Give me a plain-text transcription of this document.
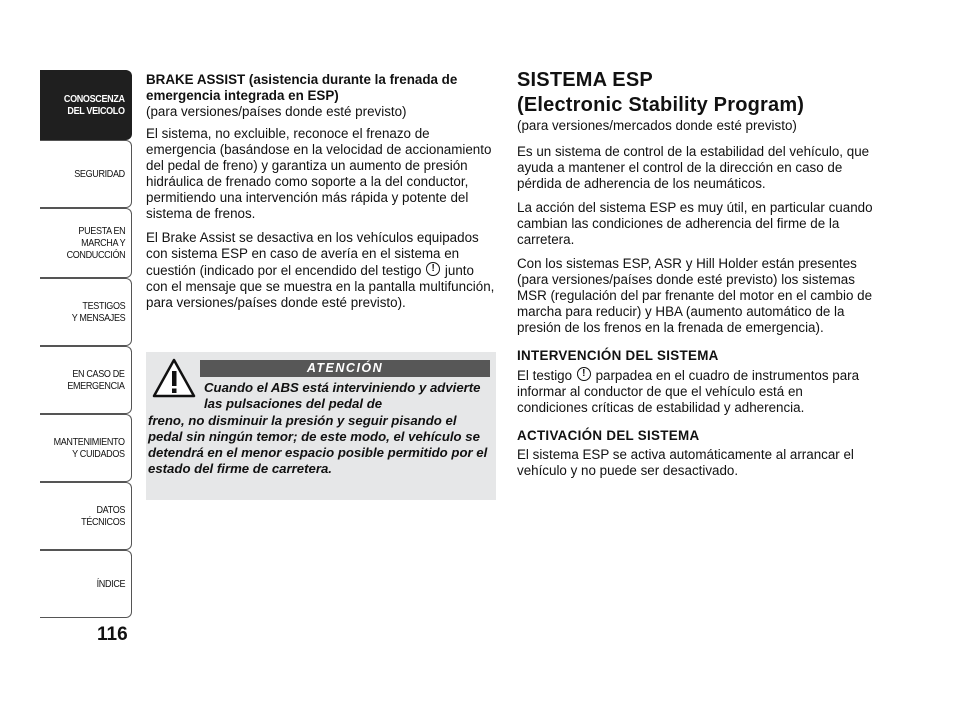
CONOSCENZA
DEL VEICOLO
SEGURIDAD
PUESTA EN
MARCHA Y
CONDUCCIÓN
TESTIGOS
Y MENSAJES
EN CASO DE
EMERGENCIA
MANTENIMIENTO
Y CUIDADOS
DATOS
TÉCNICOS
ÍNDICE
116

BRAKE ASSIST (asistencia durante la frenada de emergencia integrada en ESP)
(para versiones/países donde esté previsto)

El sistema, no excluible, reconoce el frenazo de emergencia (basándose en la velocidad de accionamiento del pedal de freno) y garantiza un aumento de presión hidráulica de frenado como soporte a la del conductor, permitiendo una intervención más rápida y potente del sistema de frenos.

El Brake Assist se desactiva en los vehículos equipados con sistema ESP en caso de avería en el sistema en cuestión (indicado por el encendido del testigo ! junto con el mensaje que se muestra en la pantalla multifunción, para versiones/países donde esté previsto).

ATENCIÓN
Cuando el ABS está interviniendo y advierte las pulsaciones del pedal de
freno, no disminuir la presión y seguir pisando el pedal sin ningún temor; de este modo, el vehículo se detendrá en el menor espacio posible permitido por el estado del firme de carretera.
SISTEMA ESP
(Electronic Stability Program)

(para versiones/mercados donde esté previsto)

Es un sistema de control de la estabilidad del vehículo, que ayuda a mantener el control de la dirección en caso de pérdida de adherencia de los neumáticos.

La acción del sistema ESP es muy útil, en particular cuando cambian las condiciones de adherencia del firme de la carretera.

Con los sistemas ESP, ASR y Hill Holder están presentes (para versiones/países donde esté previsto) los sistemas MSR (regulación del par frenante del motor en el cambio de marcha para reducir) y HBA (aumento automático de la presión de los frenos en la frenada de emergencia).

INTERVENCIÓN DEL SISTEMA

El testigo ! parpadea en el cuadro de instrumentos para informar al conductor de que el vehículo está en condiciones críticas de estabilidad y adherencia.

ACTIVACIÓN DEL SISTEMA

El sistema ESP se activa automáticamente al arrancar el vehículo y no puede ser desactivado.
